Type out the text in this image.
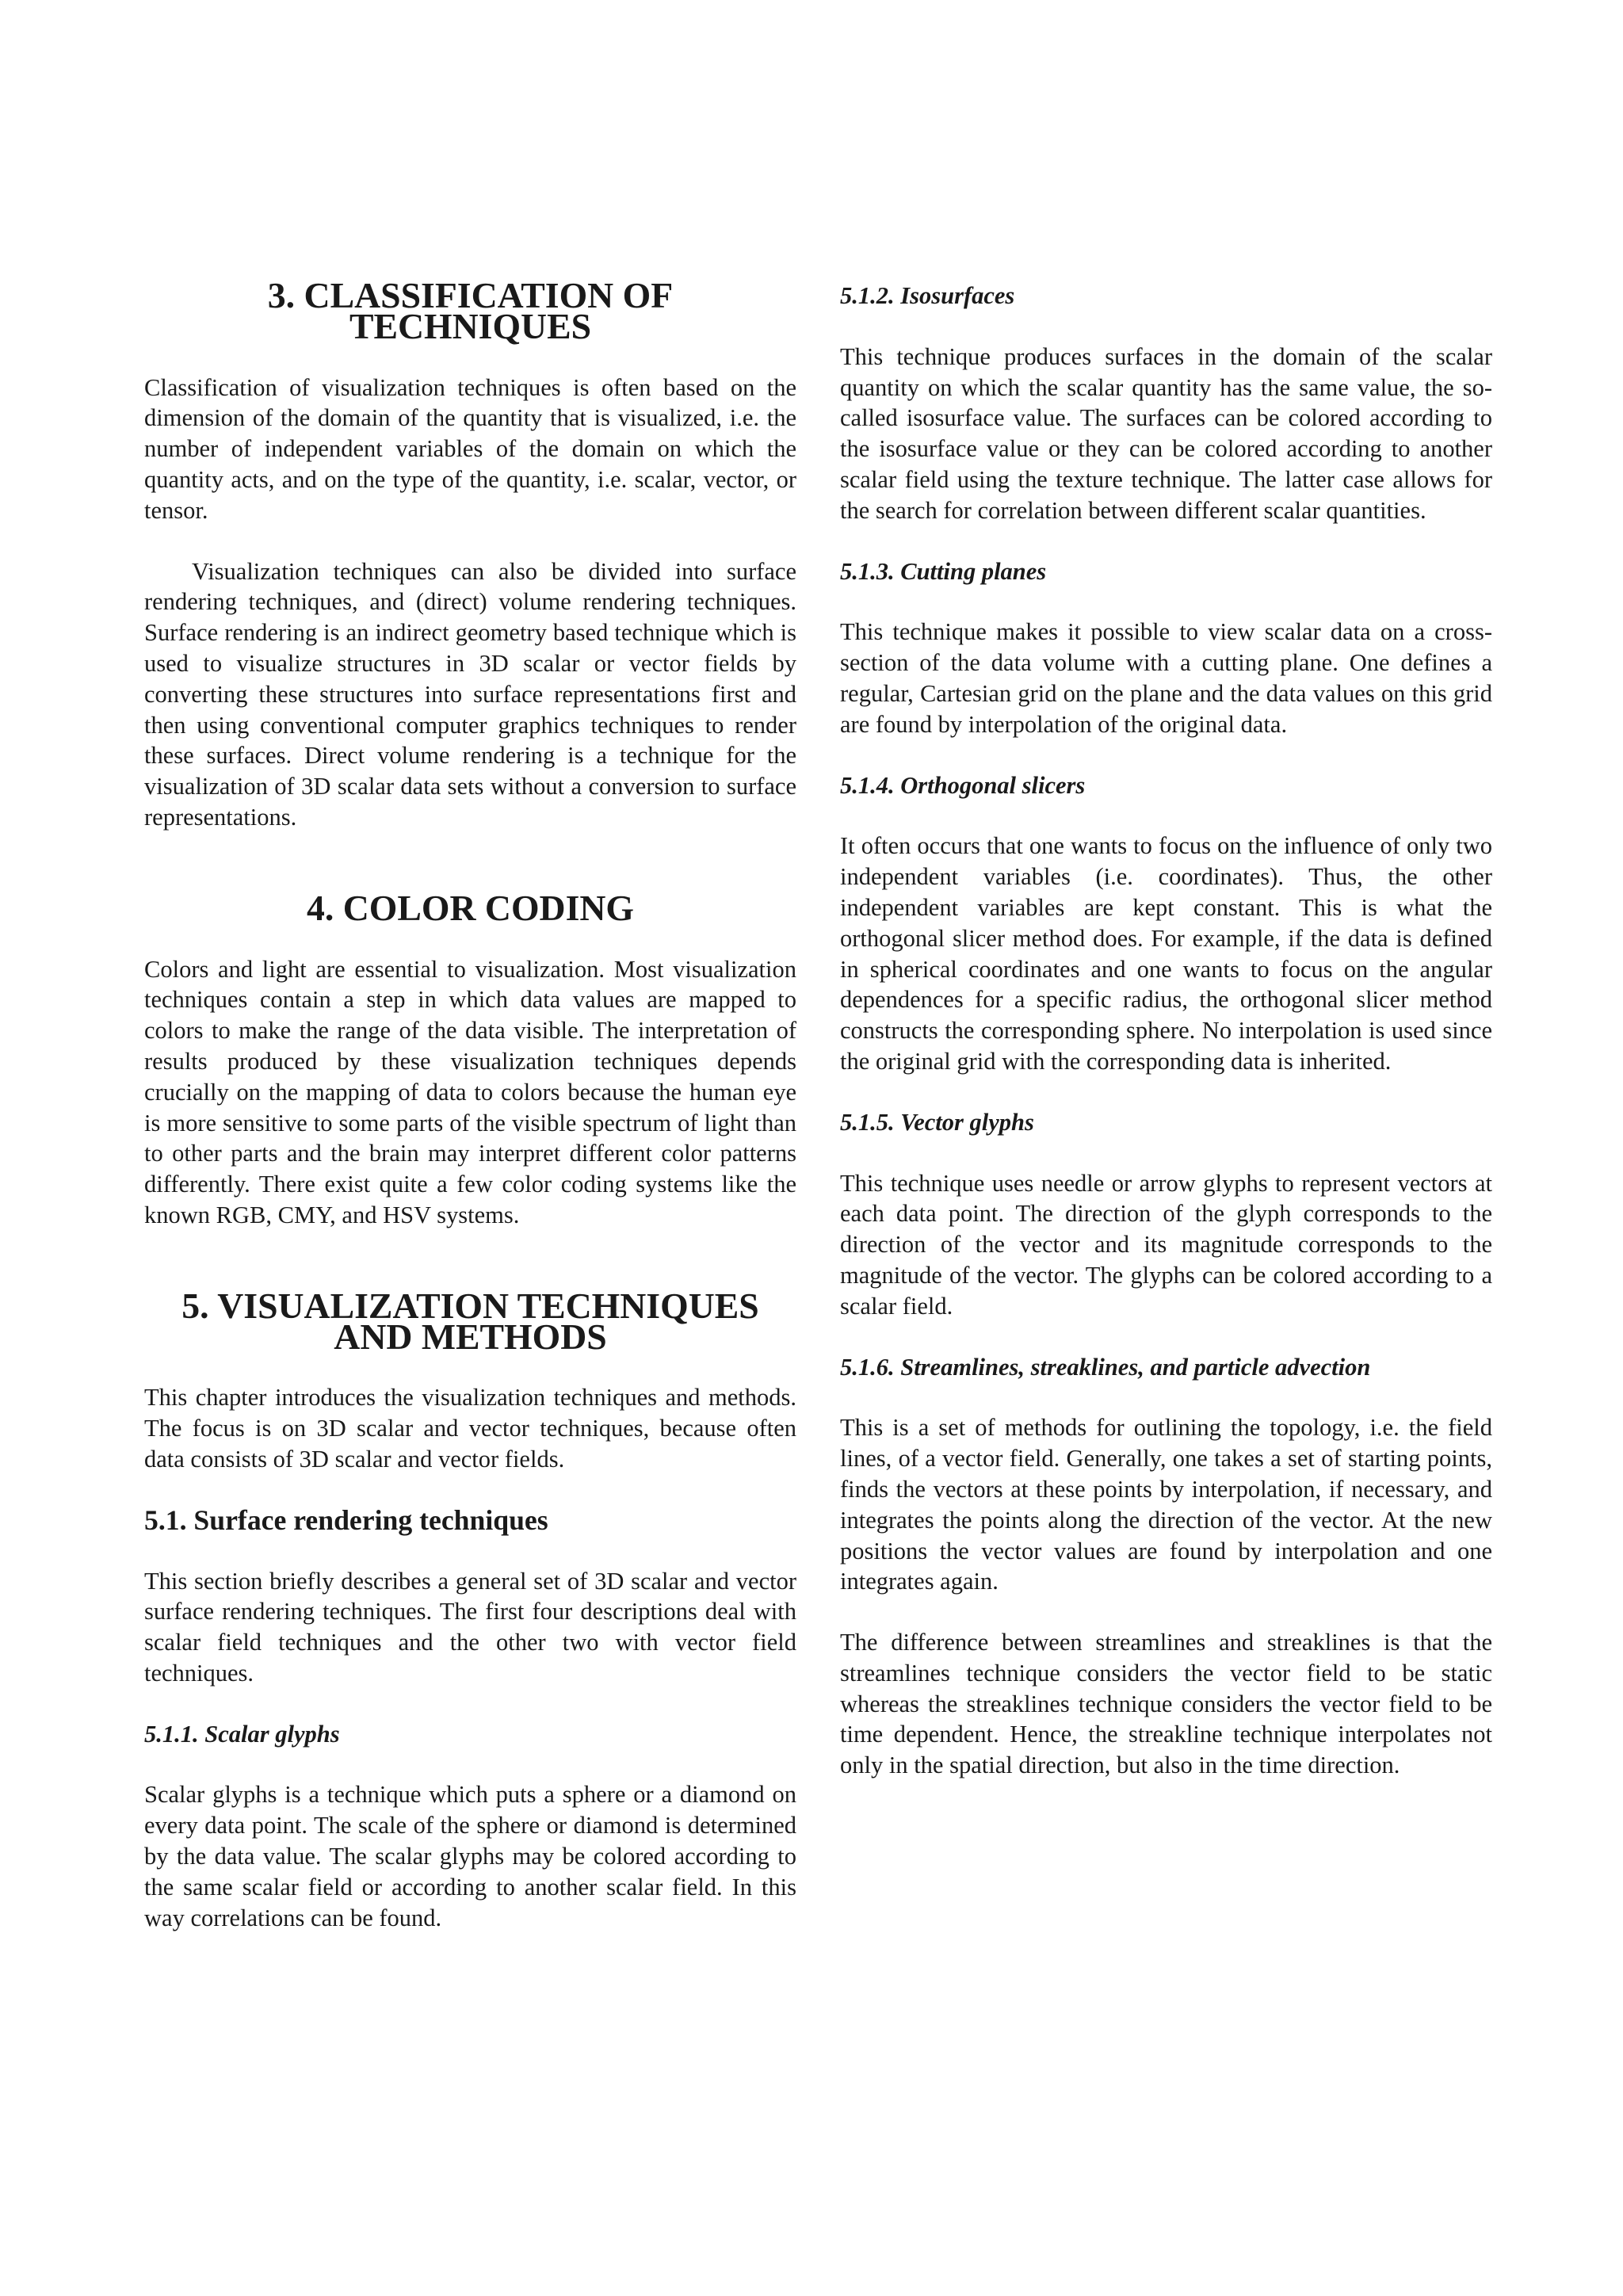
3. CLASSIFICATION OF TECHNIQUES

Classification of visualization techniques is often based on the dimension of the domain of the quantity that is visualized, i.e. the number of independent variables of the domain on which the quantity acts, and on the type of the quantity, i.e. scalar, vector, or tensor.

Visualization techniques can also be divided into surface rendering techniques, and (direct) volume rendering techniques. Surface rendering is an indirect geometry based technique which is used to visualize structures in 3D scalar or vector fields by converting these structures into surface representations first and then using conventional computer graphics techniques to render these surfaces. Direct volume rendering is a technique for the visualization of 3D scalar data sets without a conversion to surface representations.

4. COLOR CODING

Colors and light are essential to visualization. Most visualization techniques contain a step in which data values are mapped to colors to make the range of the data visible. The interpretation of results produced by these visualization techniques depends crucially on the mapping of data to colors because the human eye is more sensitive to some parts of the visible spectrum of light than to other parts and the brain may interpret different color patterns differently. There exist quite a few color coding systems like the known RGB, CMY, and HSV systems.

5. VISUALIZATION TECHNIQUES AND METHODS

This chapter introduces the visualization techniques and methods. The focus is on 3D scalar and vector techniques, because often data consists of 3D scalar and vector fields.

5.1. Surface rendering techniques

This section briefly describes a general set of 3D scalar and vector surface rendering techniques. The first four descriptions deal with scalar field techniques and the other two with vector field techniques.

5.1.1. Scalar glyphs

Scalar glyphs is a technique which puts a sphere or a diamond on every data point. The scale of the sphere or diamond is determined by the data value. The scalar glyphs may be colored according to the same scalar field or according to another scalar field. In this way correlations can be found.

5.1.2. Isosurfaces

This technique produces surfaces in the domain of the scalar quantity on which the scalar quantity has the same value, the so-called isosurface value. The surfaces can be colored according to the isosurface value or they can be colored according to another scalar field using the texture technique. The latter case allows for the search for correlation between different scalar quantities.

5.1.3. Cutting planes

This technique makes it possible to view scalar data on a cross-section of the data volume with a cutting plane. One defines a regular, Cartesian grid on the plane and the data values on this grid are found by interpolation of the original data.

5.1.4. Orthogonal slicers

It often occurs that one wants to focus on the influence of only two independent variables (i.e. coordinates). Thus, the other independent variables are kept constant. This is what the orthogonal slicer method does. For example, if the data is defined in spherical coordinates and one wants to focus on the angular dependences for a specific radius, the orthogonal slicer method constructs the corresponding sphere. No interpolation is used since the original grid with the corresponding data is inherited.

5.1.5. Vector glyphs

This technique uses needle or arrow glyphs to represent vectors at each data point. The direction of the glyph corresponds to the direction of the vector and its magnitude corresponds to the magnitude of the vector. The glyphs can be colored according to a scalar field.

5.1.6. Streamlines, streaklines, and particle advection

This is a set of methods for outlining the topology, i.e. the field lines, of a vector field. Generally, one takes a set of starting points, finds the vectors at these points by interpolation, if necessary, and integrates the points along the direction of the vector. At the new positions the vector values are found by interpolation and one integrates again.

The difference between streamlines and streaklines is that the streamlines technique considers the vector field to be static whereas the streaklines technique considers the vector field to be time dependent. Hence, the streakline technique interpolates not only in the spatial direction, but also in the time direction.
